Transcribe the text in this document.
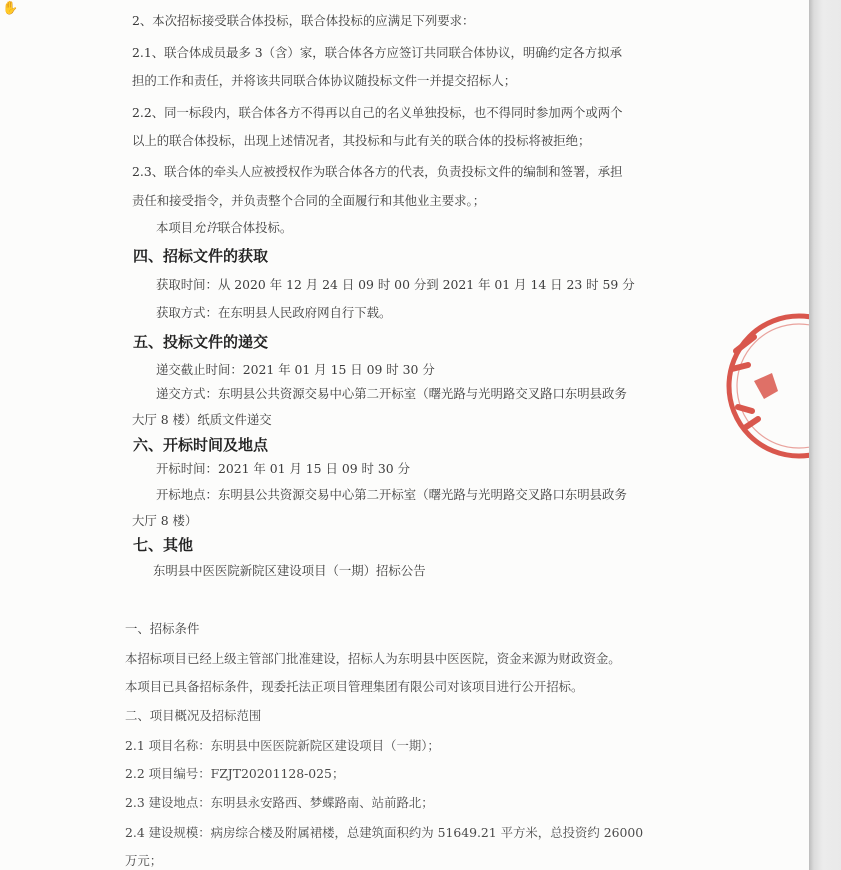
✋

2、本次招标接受联合体投标，联合体投标的应满足下列要求：

2.1、联合体成员最多 3（含）家，联合体各方应签订共同联合体协议，明确约定各方拟承

担的工作和责任，并将该共同联合体协议随投标文件一并提交招标人；

2.2、同一标段内，联合体各方不得再以自己的名义单独投标，也不得同时参加两个或两个

以上的联合体投标，出现上述情况者，其投标和与此有关的联合体的投标将被拒绝；

2.3、联合体的牵头人应被授权作为联合体各方的代表，负责投标文件的编制和签署，承担

责任和接受指令，并负责整个合同的全面履行和其他业主要求。；

本项目允许联合体投标。

四、招标文件的获取

获取时间：从 2020 年 12 月 24 日 09 时 00 分到 2021 年 01 月 14 日 23 时 59 分

获取方式：在东明县人民政府网自行下载。

五、投标文件的递交

递交截止时间：2021 年 01 月 15 日 09 时 30 分

递交方式：东明县公共资源交易中心第二开标室（曙光路与光明路交叉路口东明县政务

大厅 8 楼）纸质文件递交

六、开标时间及地点

开标时间：2021 年 01 月 15 日 09 时 30 分

开标地点：东明县公共资源交易中心第二开标室（曙光路与光明路交叉路口东明县政务

大厅 8 楼）

七、其他

东明县中医医院新院区建设项目（一期）招标公告

一、招标条件

本招标项目已经上级主管部门批准建设，招标人为东明县中医医院，资金来源为财政资金。

本项目已具备招标条件，现委托法正项目管理集团有限公司对该项目进行公开招标。

二、项目概况及招标范围

2.1 项目名称：东明县中医医院新院区建设项目（一期）；

2.2 项目编号：FZJT20201128-025；

2.3 建设地点：东明县永安路西、梦蝶路南、站前路北；

2.4 建设规模：病房综合楼及附属裙楼，总建筑面积约为 51649.21 平方米，总投资约 26000

万元；
